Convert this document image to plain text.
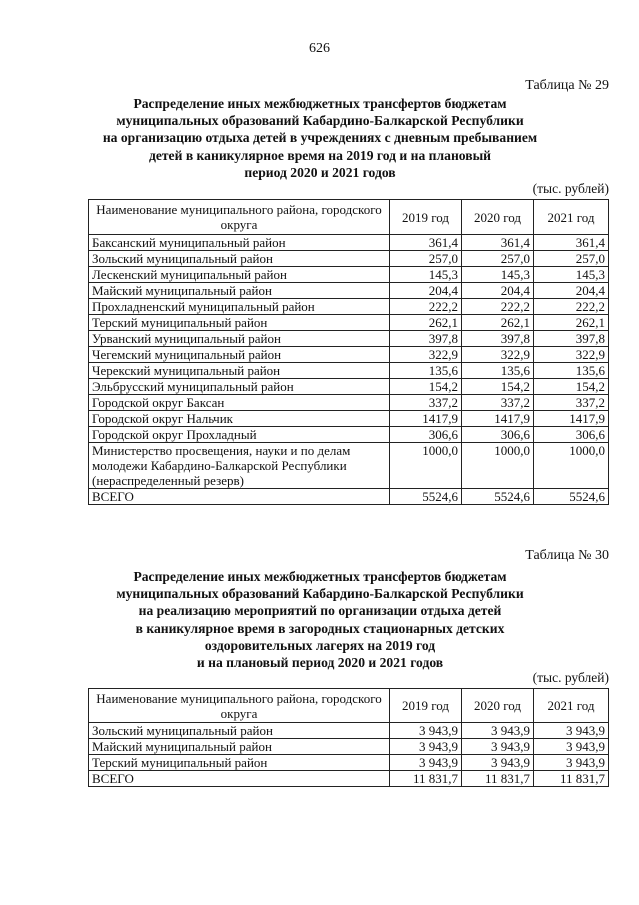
626
Таблица № 29
Распределение иных межбюджетных трансфертов бюджетам
муниципальных образований Кабардино-Балкарской Республики
на организацию отдыха детей в учреждениях с дневным пребыванием
детей в каникулярное время на 2019 год и на плановый
период 2020 и 2021 годов
(тыс. рублей)
Наименование муниципального района, городского округа	2019 год	2020 год	2021 год
Баксанский муниципальный район	361,4	361,4	361,4
Зольский муниципальный район	257,0	257,0	257,0
Лескенский муниципальный район	145,3	145,3	145,3
Майский муниципальный район	204,4	204,4	204,4
Прохладненский муниципальный район	222,2	222,2	222,2
Терский муниципальный район	262,1	262,1	262,1
Урванский муниципальный район	397,8	397,8	397,8
Чегемский муниципальный район	322,9	322,9	322,9
Черекский муниципальный район	135,6	135,6	135,6
Эльбрусский муниципальный район	154,2	154,2	154,2
Городской округ Баксан	337,2	337,2	337,2
Городской округ Нальчик	1417,9	1417,9	1417,9
Городской округ Прохладный	306,6	306,6	306,6
Министерство просвещения, науки и по делам молодежи Кабардино-Балкарской Республики (нераспределенный резерв)	1000,0	1000,0	1000,0
ВСЕГО	5524,6	5524,6	5524,6
Таблица № 30
Распределение иных межбюджетных трансфертов бюджетам
муниципальных образований Кабардино-Балкарской Республики
на реализацию мероприятий по организации отдыха детей
в каникулярное время в загородных стационарных детских
оздоровительных лагерях на 2019 год
и на плановый период 2020 и 2021 годов
(тыс. рублей)
Наименование муниципального района, городского округа	2019 год	2020 год	2021 год
Зольский муниципальный район	3 943,9	3 943,9	3 943,9
Майский муниципальный район	3 943,9	3 943,9	3 943,9
Терский муниципальный район	3 943,9	3 943,9	3 943,9
ВСЕГО	11 831,7	11 831,7	11 831,7
